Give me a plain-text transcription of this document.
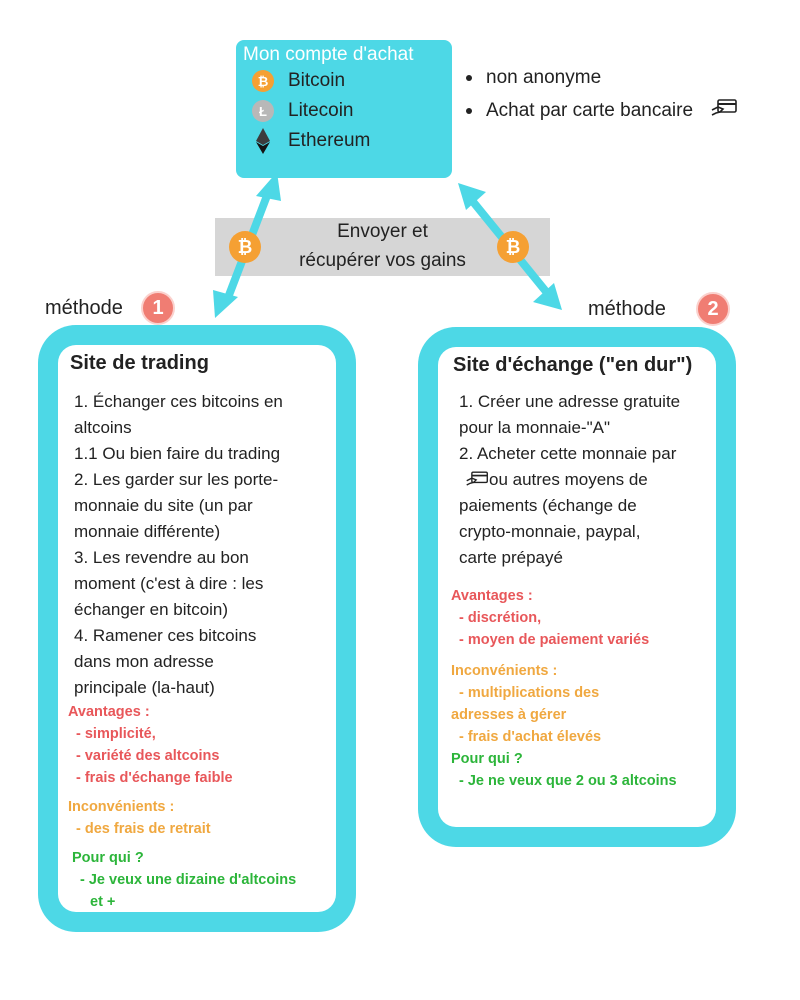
Mon compte d'achat
₿	Bitcoin
Ł	Litecoin
Ethereum
non anonyme
Achat par carte bancaire
Envoyer et
récupérer vos gains
₿	₿
méthode	1	méthode	2
Site de trading
1. Échanger ces bitcoins en
altcoins
1.1 Ou bien faire du trading
2. Les garder sur les porte-
monnaie du site (un par
monnaie différente)
3. Les revendre au bon
moment (c'est à dire : les
échanger en bitcoin)
4. Ramener ces bitcoins
dans mon adresse
principale (la-haut)
Avantages :
- simplicité,
- variété des altcoins
- frais d'échange faible
Inconvénients :
- des frais de retrait
Pour qui ?
- Je veux une dizaine d'altcoins
et +
Site d'échange ("en dur")
1. Créer une adresse gratuite
pour la monnaie-"A"
2. Acheter cette monnaie par
ou autres moyens de
paiements (échange de
crypto-monnaie, paypal,
carte prépayé
Avantages :
- discrétion,
- moyen de paiement variés
Inconvénients :
- multiplications des
adresses à gérer
- frais d'achat élevés
Pour qui ?
- Je ne veux que 2 ou 3 altcoins
